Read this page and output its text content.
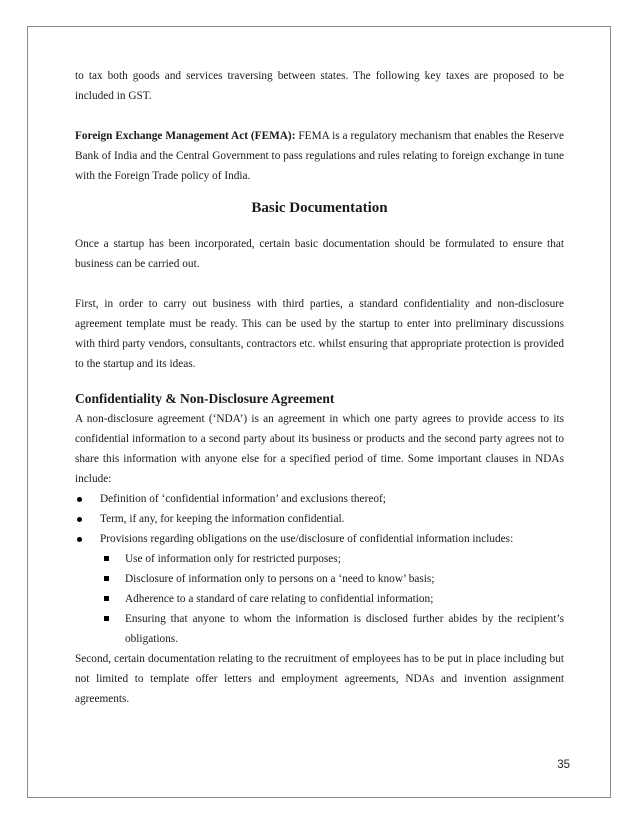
to tax both goods and services traversing between states. The following key taxes are proposed to be included in GST.

Foreign Exchange Management Act (FEMA): FEMA is a regulatory mechanism that enables the Reserve Bank of India and the Central Government to pass regulations and rules relating to foreign exchange in tune with the Foreign Trade policy of India.

Basic Documentation

Once a startup has been incorporated, certain basic documentation should be formulated to ensure that business can be carried out.

First, in order to carry out business with third parties, a standard confidentiality and non-disclosure agreement template must be ready. This can be used by the startup to enter into preliminary discussions with third party vendors, consultants, contractors etc. whilst ensuring that appropriate protection is provided to the startup and its ideas.

Confidentiality & Non-Disclosure Agreement

A non-disclosure agreement (‘NDA’) is an agreement in which one party agrees to provide access to its confidential information to a second party about its business or products and the second party agrees not to share this information with anyone else for a specified period of time. Some important clauses in NDAs include:

Definition of ‘confidential information’ and exclusions thereof;
Term, if any, for keeping the information confidential.
Provisions regarding obligations on the use/disclosure of confidential information includes:
Use of information only for restricted purposes;
Disclosure of information only to persons on a ‘need to know’ basis;
Adherence to a standard of care relating to confidential information;
Ensuring that anyone to whom the information is disclosed further abides by the recipient’s obligations.

Second, certain documentation relating to the recruitment of employees has to be put in place including but not limited to template offer letters and employment agreements, NDAs and invention assignment agreements.

35
